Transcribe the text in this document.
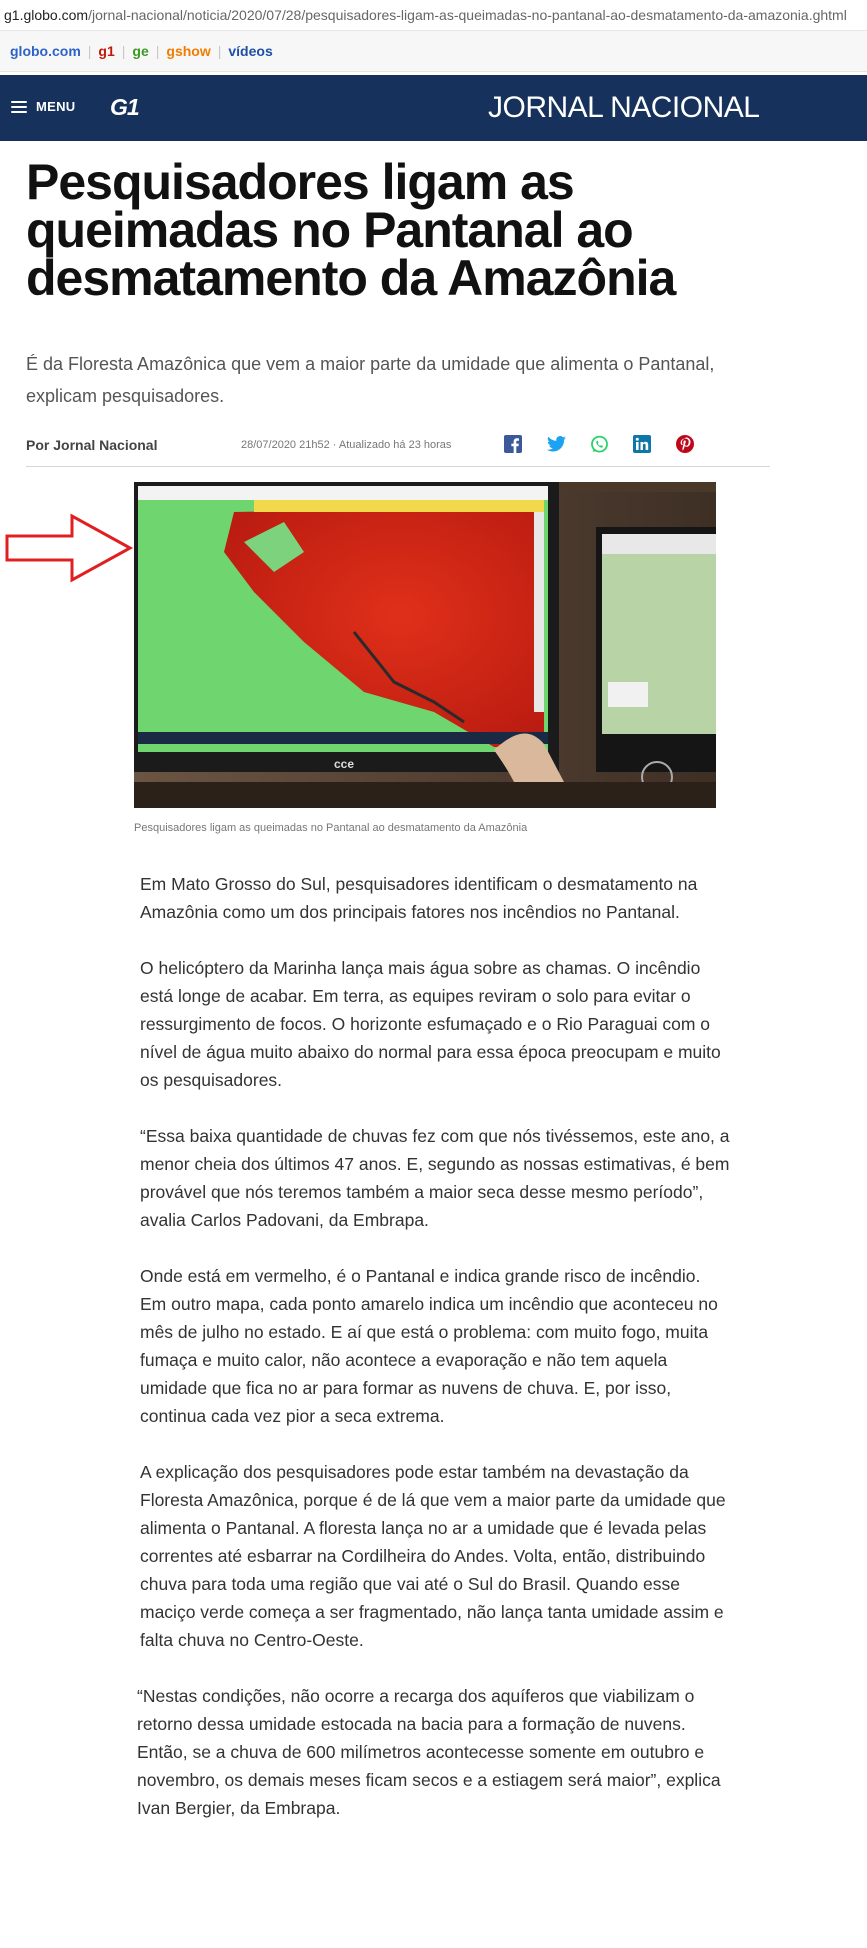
g1.globo.com/jornal-nacional/noticia/2020/07/28/pesquisadores-ligam-as-queimadas-no-pantanal-ao-desmatamento-da-amazonia.ghtml
globo.com | g1 | ge | gshow | vídeos
MENU G1	JORNAL NACIONAL
Pesquisadores ligam as queimadas no Pantanal ao desmatamento da Amazônia

É da Floresta Amazônica que vem a maior parte da umidade que alimenta o Pantanal, explicam pesquisadores.

Por Jornal Nacional	28/07/2020 21h52 · Atualizado há 23 horas
cce
Pesquisadores ligam as queimadas no Pantanal ao desmatamento da Amazônia

Em Mato Grosso do Sul, pesquisadores identificam o desmatamento na Amazônia como um dos principais fatores nos incêndios no Pantanal.

O helicóptero da Marinha lança mais água sobre as chamas. O incêndio está longe de acabar. Em terra, as equipes reviram o solo para evitar o ressurgimento de focos. O horizonte esfumaçado e o Rio Paraguai com o nível de água muito abaixo do normal para essa época preocupam e muito os pesquisadores.

“Essa baixa quantidade de chuvas fez com que nós tivéssemos, este ano, a menor cheia dos últimos 47 anos. E, segundo as nossas estimativas, é bem provável que nós teremos também a maior seca desse mesmo período”, avalia Carlos Padovani, da Embrapa.

Onde está em vermelho, é o Pantanal e indica grande risco de incêndio. Em outro mapa, cada ponto amarelo indica um incêndio que aconteceu no mês de julho no estado. E aí que está o problema: com muito fogo, muita fumaça e muito calor, não acontece a evaporação e não tem aquela umidade que fica no ar para formar as nuvens de chuva. E, por isso, continua cada vez pior a seca extrema.

A explicação dos pesquisadores pode estar também na devastação da Floresta Amazônica, porque é de lá que vem a maior parte da umidade que alimenta o Pantanal. A floresta lança no ar a umidade que é levada pelas correntes até esbarrar na Cordilheira do Andes. Volta, então, distribuindo chuva para toda uma região que vai até o Sul do Brasil. Quando esse maciço verde começa a ser fragmentado, não lança tanta umidade assim e falta chuva no Centro-Oeste.

“Nestas condições, não ocorre a recarga dos aquíferos que viabilizam o retorno dessa umidade estocada na bacia para a formação de nuvens. Então, se a chuva de 600 milímetros acontecesse somente em outubro e novembro, os demais meses ficam secos e a estiagem será maior”, explica Ivan Bergier, da Embrapa.
